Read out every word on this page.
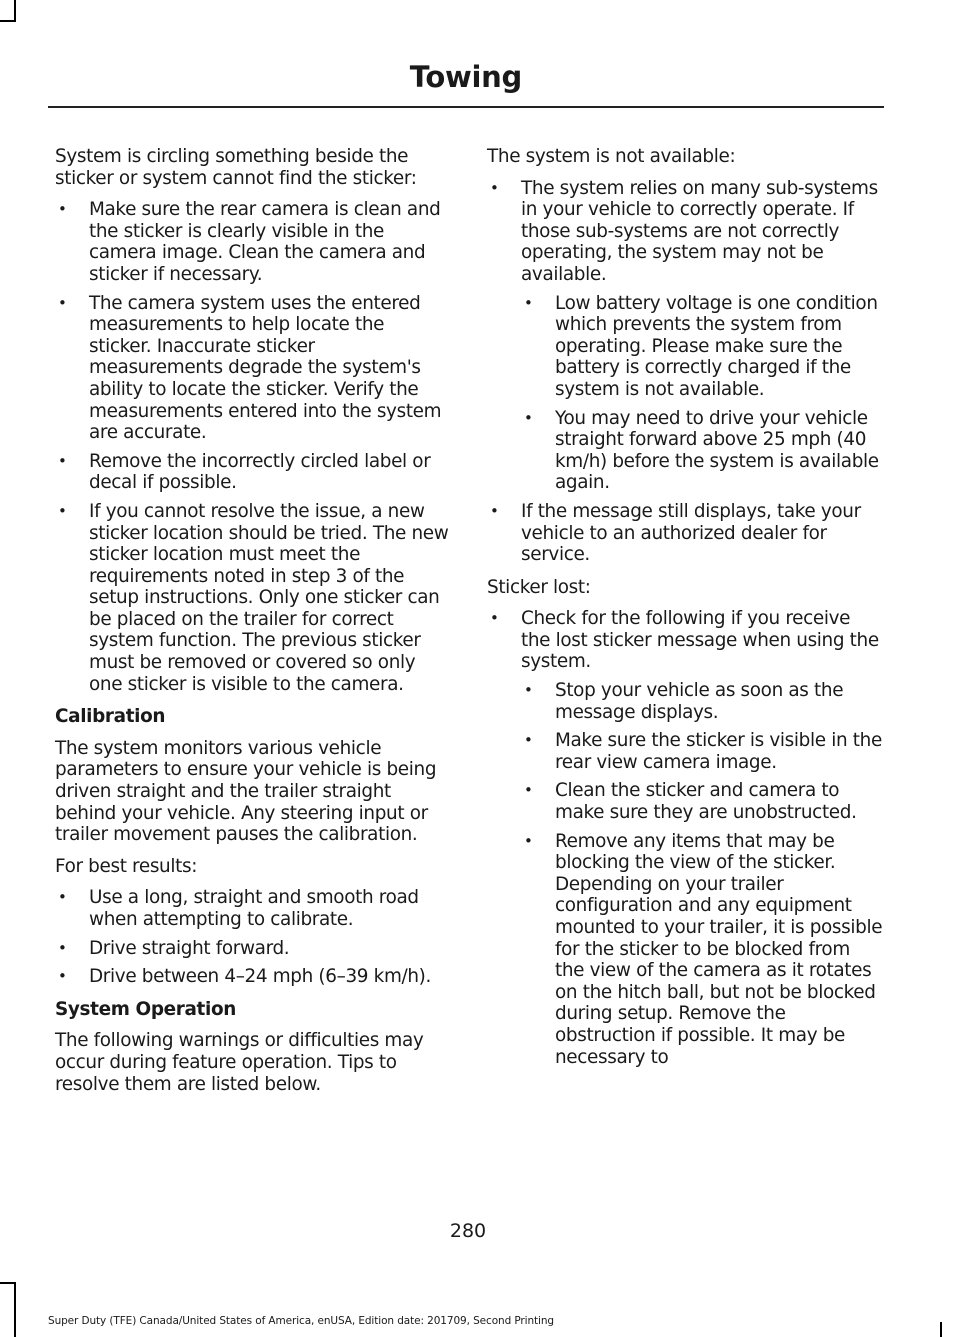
Towing

System is circling something beside the sticker or system cannot find the sticker:

• Make sure the rear camera is clean and the sticker is clearly visible in the camera image. Clean the camera and sticker if necessary.
• The camera system uses the entered measurements to help locate the sticker. Inaccurate sticker measurements degrade the system's ability to locate the sticker. Verify the measurements entered into the system are accurate.
• Remove the incorrectly circled label or decal if possible.
• If you cannot resolve the issue, a new sticker location should be tried. The new sticker location must meet the requirements noted in step 3 of the setup instructions. Only one sticker can be placed on the trailer for correct system function. The previous sticker must be removed or covered so only one sticker is visible to the camera.
Calibration

The system monitors various vehicle parameters to ensure your vehicle is being driven straight and the trailer straight behind your vehicle. Any steering input or trailer movement pauses the calibration.

For best results:

• Use a long, straight and smooth road when attempting to calibrate.
• Drive straight forward.
• Drive between 4–24 mph (6–39 km/h).
System Operation

The following warnings or difficulties may occur during feature operation. Tips to resolve them are listed below.

The system is not available:

• The system relies on many sub-systems in your vehicle to correctly operate. If those sub-systems are not correctly operating, the system may not be available.
• Low battery voltage is one condition which prevents the system from operating. Please make sure the battery is correctly charged if the system is not available.
• You may need to drive your vehicle straight forward above 25 mph (40 km/h) before the system is available again.
• If the message still displays, take your vehicle to an authorized dealer for service.

Sticker lost:

• Check for the following if you receive the lost sticker message when using the system.
• Stop your vehicle as soon as the message displays.
• Make sure the sticker is visible in the rear view camera image.
• Clean the sticker and camera to make sure they are unobstructed.
• Remove any items that may be blocking the view of the sticker. Depending on your trailer configuration and any equipment mounted to your trailer, it is possible for the sticker to be blocked from the view of the camera as it rotates on the hitch ball, but not be blocked during setup. Remove the obstruction if possible. It may be necessary to
280
Super Duty (TFE) Canada/United States of America, enUSA, Edition date: 201709, Second Printing
